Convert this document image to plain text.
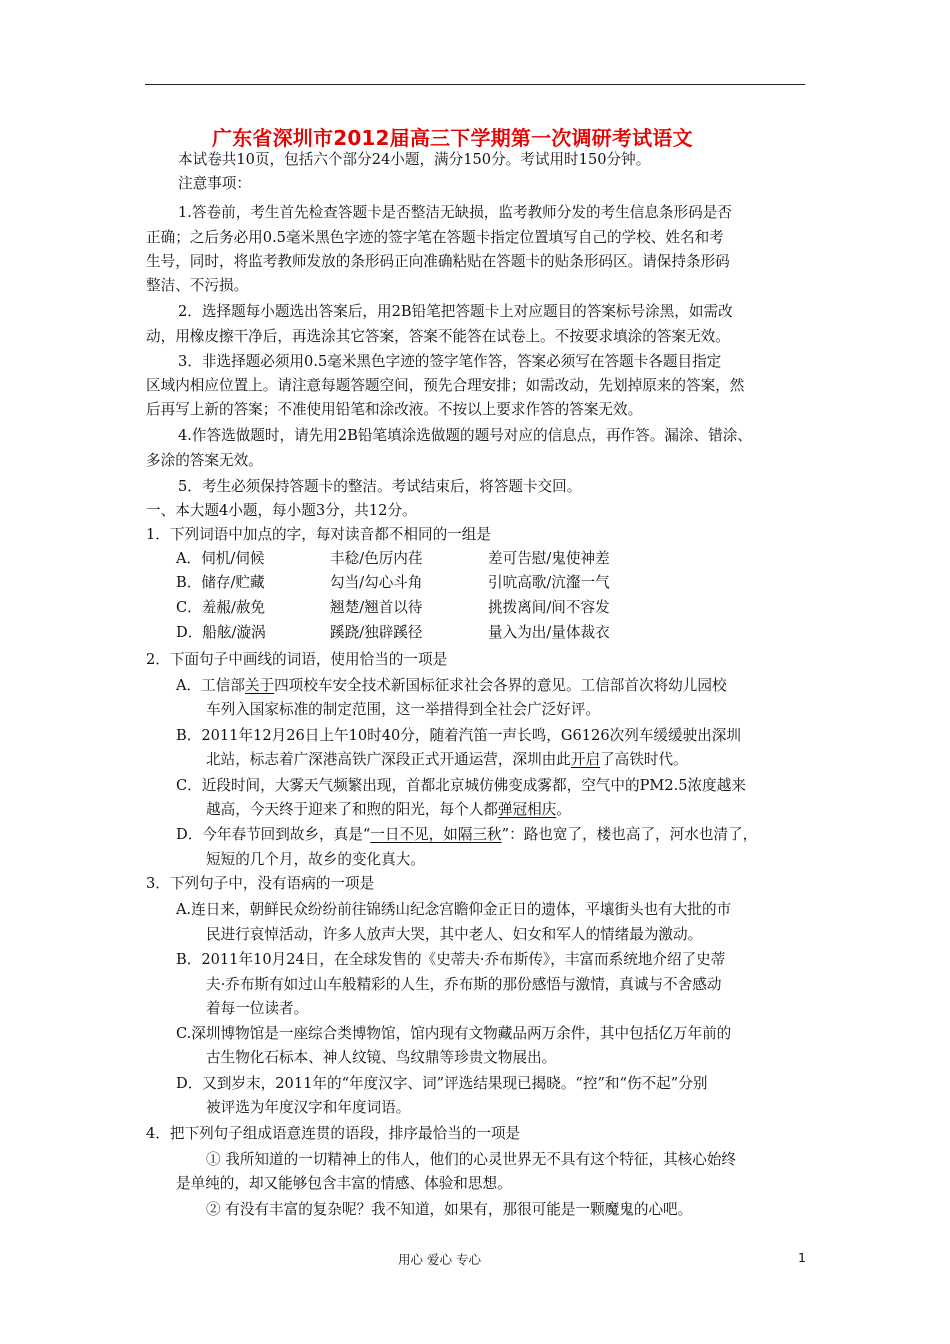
广东省深圳市2012届高三下学期第一次调研考试语文
本试卷共10页，包括六个部分24小题，满分150分。考试用时150分钟。
注意事项：
1.答卷前，考生首先检查答题卡是否整洁无缺损，监考教师分发的考生信息条形码是否
正确；之后务必用0.5毫米黑色字迹的签字笔在答题卡指定位置填写自己的学校、姓名和考
生号，同时，将监考教师发放的条形码正向准确粘贴在答题卡的贴条形码区。请保持条形码
整洁、不污损。
2．选择题每小题选出答案后，用2B铅笔把答题卡上对应题目的答案标号涂黑，如需改
动，用橡皮擦干净后，再选涂其它答案，答案不能答在试卷上。不按要求填涂的答案无效。
3．非选择题必须用0.5毫米黑色字迹的签字笔作答，答案必须写在答题卡各题目指定
区域内相应位置上。请注意每题答题空间，预先合理安排；如需改动，先划掉原来的答案，然
后再写上新的答案；不准使用铅笔和涂改液。不按以上要求作答的答案无效。
4.作答选做题时，请先用2B铅笔填涂选做题的题号对应的信息点，再作答。漏涂、错涂、
多涂的答案无效。
5．考生必须保持答题卡的整洁。考试结束后，将答题卡交回。
一、本大题4小题，每小题3分，共12分。
1．下列词语中加点的字，每对读音都不相同的一组是
A．伺机/伺候	丰稔/色厉内荏	差可告慰/鬼使神差
B．储存/贮藏	勾当/勾心斗角	引吭高歌/沆瀣一气
C．羞赧/赦免	翘楚/翘首以待	挑拨离间/间不容发
D．船舷/漩涡	蹊跷/独辟蹊径	量入为出/量体裁衣
2．下面句子中画线的词语，使用恰当的一项是
A．工信部关于四项校车安全技术新国标征求社会各界的意见。工信部首次将幼儿园校
车列入国家标准的制定范围，这一举措得到全社会广泛好评。
B．2011年12月26日上午10时40分，随着汽笛一声长鸣，G6126次列车缓缓驶出深圳
北站，标志着广深港高铁广深段正式开通运营，深圳由此开启了高铁时代。
C．近段时间，大雾天气频繁出现，首都北京城仿佛变成雾都，空气中的PM2.5浓度越来
越高，今天终于迎来了和煦的阳光，每个人都弹冠相庆。
D．今年春节回到故乡，真是“一日不见，如隔三秋”：路也宽了，楼也高了，河水也清了，
短短的几个月，故乡的变化真大。
3．下列句子中，没有语病的一项是
A.连日来，朝鲜民众纷纷前往锦绣山纪念宫瞻仰金正日的遗体，平壤街头也有大批的市
民进行哀悼活动，许多人放声大哭，其中老人、妇女和军人的情绪最为激动。
B．2011年10月24日，在全球发售的《史蒂夫·乔布斯传》，丰富而系统地介绍了史蒂
夫·乔布斯有如过山车般精彩的人生，乔布斯的那份感悟与激情，真诚与不舍感动
着每一位读者。
C.深圳博物馆是一座综合类博物馆，馆内现有文物藏品两万余件，其中包括亿万年前的
古生物化石标本、神人纹镜、鸟纹鼎等珍贵文物展出。
D．又到岁末，2011年的“年度汉字、词”评选结果现已揭晓。“控”和“伤不起”分别
被评选为年度汉字和年度词语。
4．把下列句子组成语意连贯的语段，排序最恰当的一项是
① 我所知道的一切精神上的伟人，他们的心灵世界无不具有这个特征，其核心始终
是单纯的，却又能够包含丰富的情感、体验和思想。
② 有没有丰富的复杂呢？我不知道，如果有，那很可能是一颗魔鬼的心吧。
用心 爱心 专心	1
